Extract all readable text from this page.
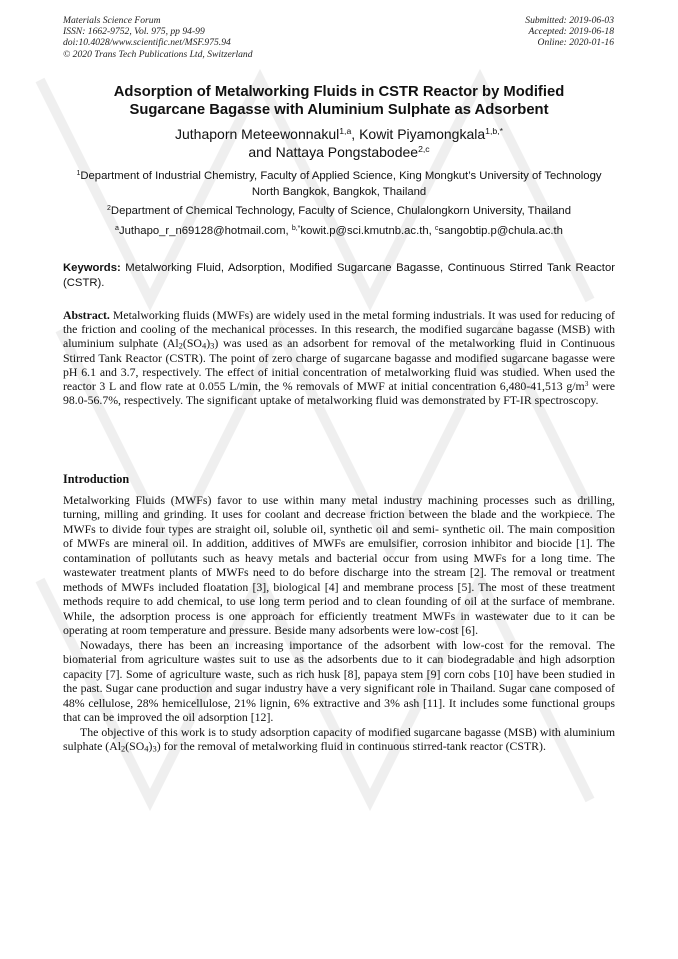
Materials Science Forum
ISSN: 1662-9752, Vol. 975, pp 94-99
doi:10.4028/www.scientific.net/MSF.975.94
© 2020 Trans Tech Publications Ltd, Switzerland
Submitted: 2019-06-03
Accepted: 2019-06-18
Online: 2020-01-16
Adsorption of Metalworking Fluids in CSTR Reactor by Modified
Sugarcane Bagasse with Aluminium Sulphate as Adsorbent
Juthaporn Meteewonnakul$^{1,a}$, Kowit Piyamongkala$^{1,b,*}$
and Nattaya Pongstabodee$^{2,c}$
$^1$Department of Industrial Chemistry, Faculty of Applied Science, King Mongkut’s University of Technology North Bangkok, Bangkok, Thailand
$^2$Department of Chemical Technology, Faculty of Science, Chulalongkorn University, Thailand
$^a$Juthapo_r_n69128@hotmail.com, $^{b,*}$kowit.p@sci.kmutnb.ac.th, $^c$sangobtip.p@chula.ac.th

Keywords: Metalworking Fluid, Adsorption, Modified Sugarcane Bagasse, Continuous Stirred Tank Reactor (CSTR).

Abstract. Metalworking fluids (MWFs) are widely used in the metal forming industrials. It was used for reducing of the friction and cooling of the mechanical processes. In this research, the modified sugarcane bagasse (MSB) with aluminium sulphate $(Al_2(SO_4)_3)$ was used as an adsorbent for removal of the metalworking fluid in Continuous Stirred Tank Reactor (CSTR). The point of zero charge of sugarcane bagasse and modified sugarcane bagasse were pH 6.1 and 3.7, respectively. The effect of initial concentration of metalworking fluid was studied. When used the reactor 3 L and flow rate at 0.055 L/min, the % removals of MWF at initial concentration 6,480-41,513 $g/m^3$ were 98.0-56.7%, respectively. The significant uptake of metalworking fluid was demonstrated by FT-IR spectroscopy.

Introduction

Metalworking Fluids (MWFs) favor to use within many metal industry machining processes such as drilling, turning, milling and grinding. It uses for coolant and decrease friction between the blade and the workpiece. The MWFs to divide four types are straight oil, soluble oil, synthetic oil and semi- synthetic oil. The main composition of MWFs are mineral oil. In addition, additives of MWFs are emulsifier, corrosion inhibitor and biocide [1]. The contamination of pollutants such as heavy metals and bacterial occur from using MWFs for a long time. The wastewater treatment plants of MWFs need to do before discharge into the stream [2]. The removal or treatment methods of MWFs included floatation [3], biological [4] and membrane process [5]. The most of these treatment methods require to add chemical, to use long term period and to clean founding of oil at the surface of membrane. While, the adsorption process is one approach for efficiently treatment MWFs in wastewater due to it can be operating at room temperature and pressure. Beside many adsorbents were low-cost [6].

Nowadays, there has been an increasing importance of the adsorbent with low-cost for the removal. The biomaterial from agriculture wastes suit to use as the adsorbents due to it can biodegradable and high adsorption capacity [7]. Some of agriculture waste, such as rich husk [8], papaya stem [9] corn cobs [10] have been studied in the past. Sugar cane production and sugar industry have a very significant role in Thailand. Sugar cane composed of 48% cellulose, 28% hemicellulose, 21% lignin, 6% extractive and 3% ash [11]. It includes some functional groups that can be improved the oil adsorption [12].

The objective of this work is to study adsorption capacity of modified sugarcane bagasse (MSB) with aluminium sulphate $(Al_2(SO_4)_3)$ for the removal of metalworking fluid in continuous stirred-tank reactor (CSTR).
